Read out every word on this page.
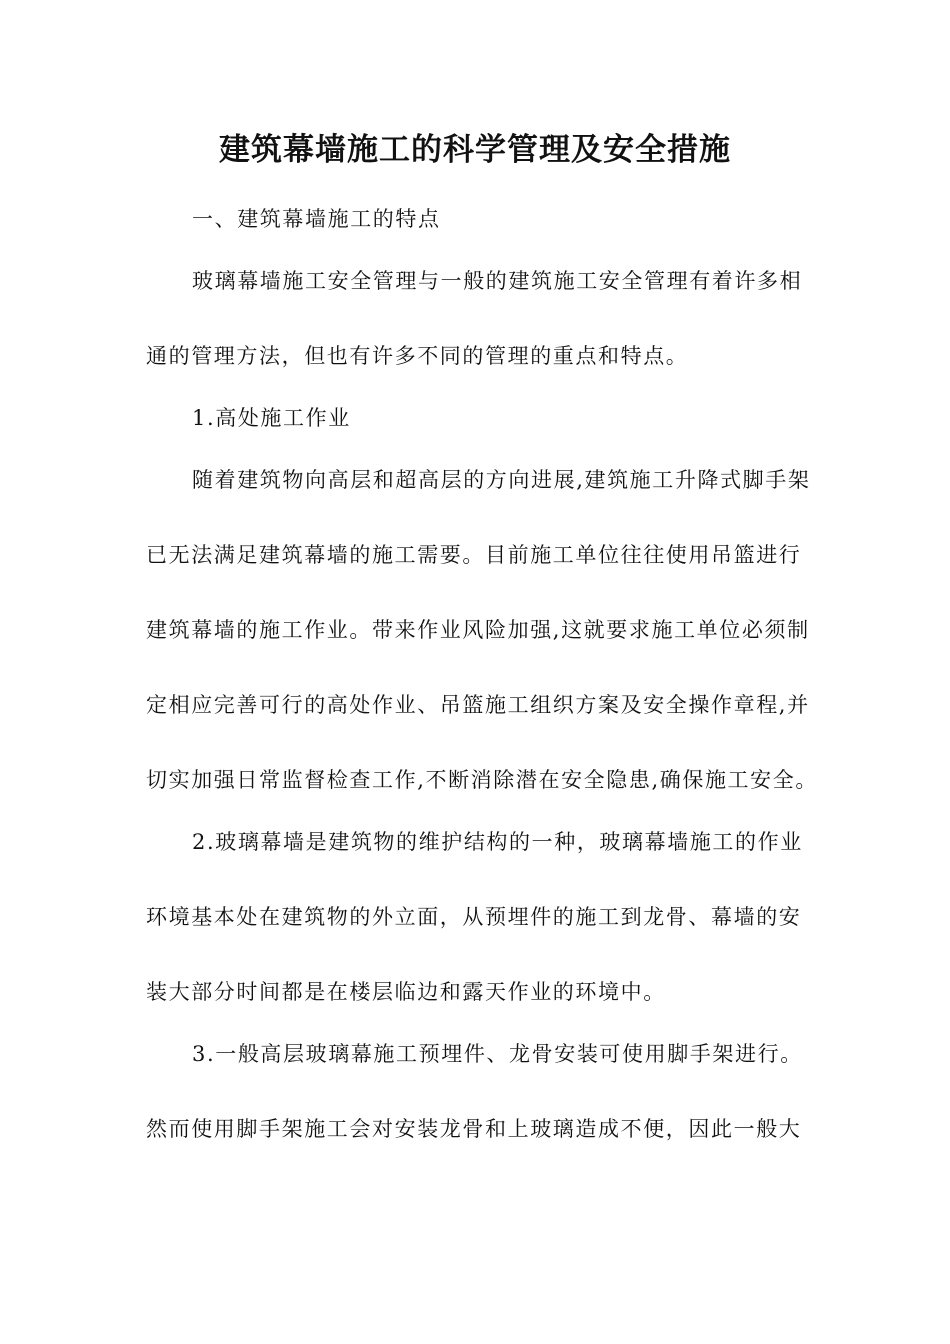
建筑幕墙施工的科学管理及安全措施
一、建筑幕墙施工的特点
玻璃幕墙施工安全管理与一般的建筑施工安全管理有着许多相
通的管理方法，但也有许多不同的管理的重点和特点。
1.高处施工作业
随着建筑物向高层和超高层的方向进展,建筑施工升降式脚手架
已无法满足建筑幕墙的施工需要。目前施工单位往往使用吊篮进行
建筑幕墙的施工作业。带来作业风险加强,这就要求施工单位必须制
定相应完善可行的高处作业、吊篮施工组织方案及安全操作章程,并
切实加强日常监督检查工作,不断消除潜在安全隐患,确保施工安全。
2.玻璃幕墙是建筑物的维护结构的一种，玻璃幕墙施工的作业
环境基本处在建筑物的外立面，从预埋件的施工到龙骨、幕墙的安
装大部分时间都是在楼层临边和露天作业的环境中。
3.一般高层玻璃幕施工预埋件、龙骨安装可使用脚手架进行。
然而使用脚手架施工会对安装龙骨和上玻璃造成不便，因此一般大
